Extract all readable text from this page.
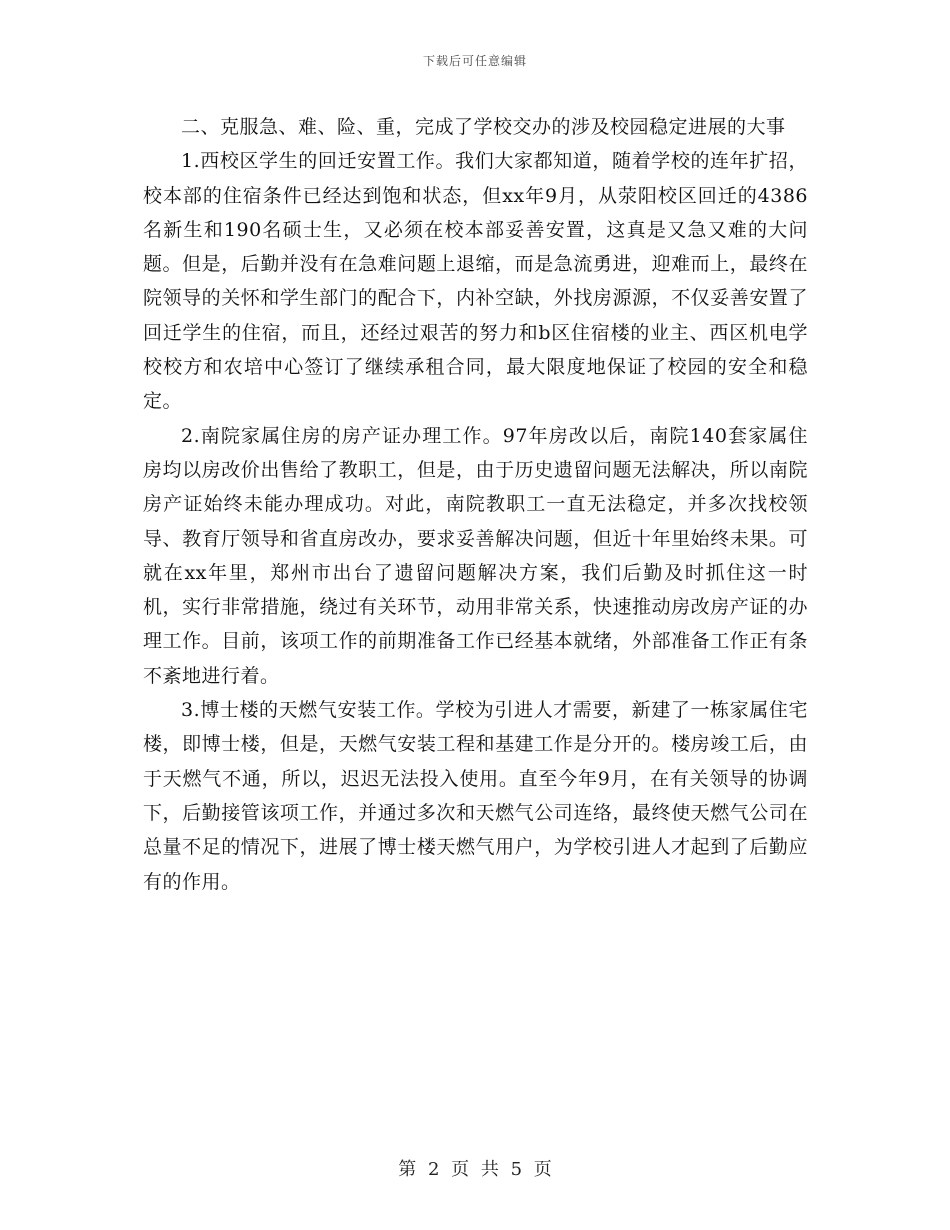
下载后可任意编辑

二、克服急、难、险、重，完成了学校交办的涉及校园稳定进展的大事

1.西校区学生的回迁安置工作。我们大家都知道，随着学校的连年扩招，校本部的住宿条件已经达到饱和状态，但xx年9月，从荥阳校区回迁的4386名新生和190名硕士生，又必须在校本部妥善安置，这真是又急又难的大问题。但是，后勤并没有在急难问题上退缩，而是急流勇进，迎难而上，最终在院领导的关怀和学生部门的配合下，内补空缺，外找房源源，不仅妥善安置了回迁学生的住宿，而且，还经过艰苦的努力和b区住宿楼的业主、西区机电学校校方和农培中心签订了继续承租合同，最大限度地保证了校园的安全和稳定。

2.南院家属住房的房产证办理工作。97年房改以后，南院140套家属住房均以房改价出售给了教职工，但是，由于历史遗留问题无法解决，所以南院房产证始终未能办理成功。对此，南院教职工一直无法稳定，并多次找校领导、教育厅领导和省直房改办，要求妥善解决问题，但近十年里始终未果。可就在xx年里，郑州市出台了遗留问题解决方案，我们后勤及时抓住这一时机，实行非常措施，绕过有关环节，动用非常关系，快速推动房改房产证的办理工作。目前，该项工作的前期准备工作已经基本就绪，外部准备工作正有条不紊地进行着。

3.博士楼的天燃气安装工作。学校为引进人才需要，新建了一栋家属住宅楼，即博士楼，但是，天燃气安装工程和基建工作是分开的。楼房竣工后，由于天燃气不通，所以，迟迟无法投入使用。直至今年9月，在有关领导的协调下，后勤接管该项工作，并通过多次和天燃气公司连络，最终使天燃气公司在总量不足的情况下，进展了博士楼天燃气用户，为学校引进人才起到了后勤应有的作用。

第 2 页 共 5 页
